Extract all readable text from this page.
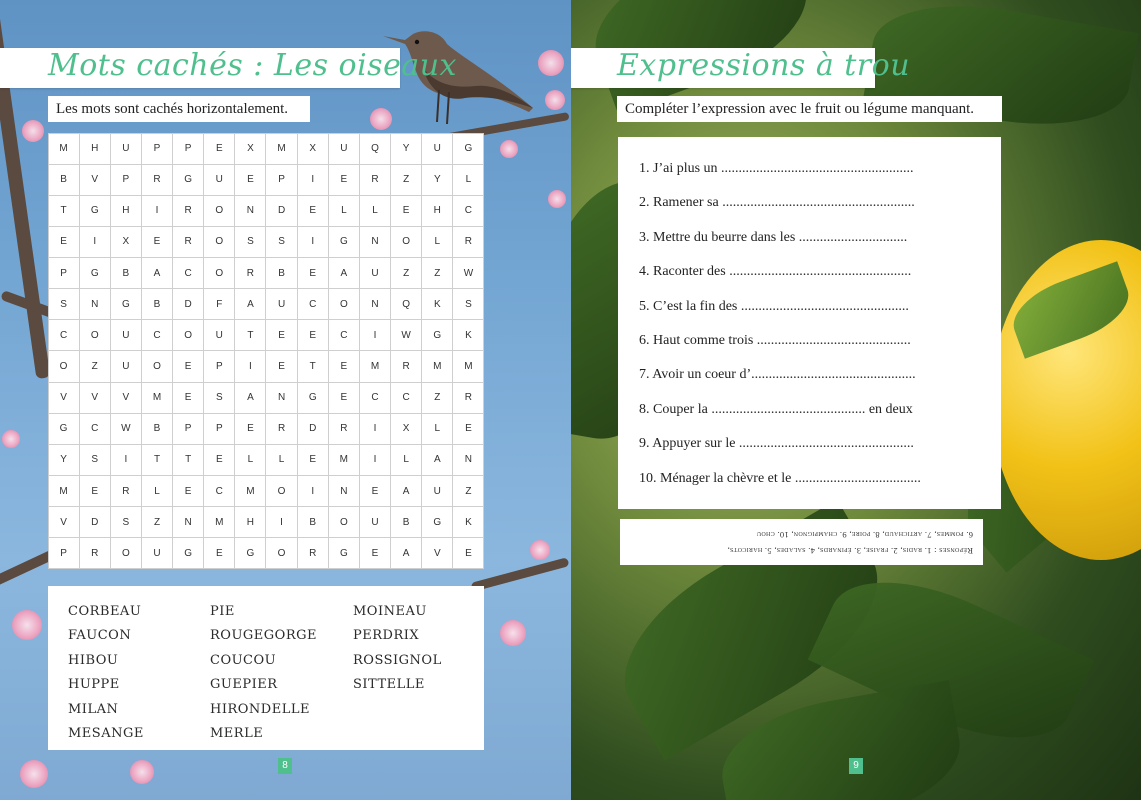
Mots cachés : Les oiseaux
Les mots sont cachés horizontalement.
M	H	U	P	P	E	X	M	X	U	Q	Y	U	G
B	V	P	R	G	U	E	P	I	E	R	Z	Y	L
T	G	H	I	R	O	N	D	E	L	L	E	H	C
E	I	X	E	R	O	S	S	I	G	N	O	L	R
P	G	B	A	C	O	R	B	E	A	U	Z	Z	W
S	N	G	B	D	F	A	U	C	O	N	Q	K	S
C	O	U	C	O	U	T	E	E	C	I	W	G	K
O	Z	U	O	E	P	I	E	T	E	M	R	M	M
V	V	V	M	E	S	A	N	G	E	C	C	Z	R
G	C	W	B	P	P	E	R	D	R	I	X	L	E
Y	S	I	T	T	E	L	L	E	M	I	L	A	N
M	E	R	L	E	C	M	O	I	N	E	A	U	Z
V	D	S	Z	N	M	H	I	B	O	U	B	G	K
P	R	O	U	G	E	G	O	R	G	E	A	V	E
CORBEAU
FAUCON
HIBOU
HUPPE
MILAN
MESANGE
PIE
ROUGEGORGE
COUCOU
GUEPIER
HIRONDELLE
MERLE
MOINEAU
PERDRIX
ROSSIGNOL
SITTELLE
8
Expressions à trou
Compléter l’expression avec le fruit ou légume manquant.
9
1. J’ai plus un .......................................................
2. Ramener sa .......................................................
3. Mettre du beurre dans les ...............................
4. Raconter des ....................................................
5. C’est la fin des ................................................
6. Haut comme trois ............................................
7. Avoir un coeur d’...............................................
8. Couper la ............................................ en deux
9. Appuyer sur le ..................................................
10. Ménager la chèvre et le ....................................
Réponses : 1. radis, 2. fraise, 3. épinards, 4. salades, 5. haricots,
6. pommes, 7. artichaud, 8. poire, 9. champignon, 10. chou
